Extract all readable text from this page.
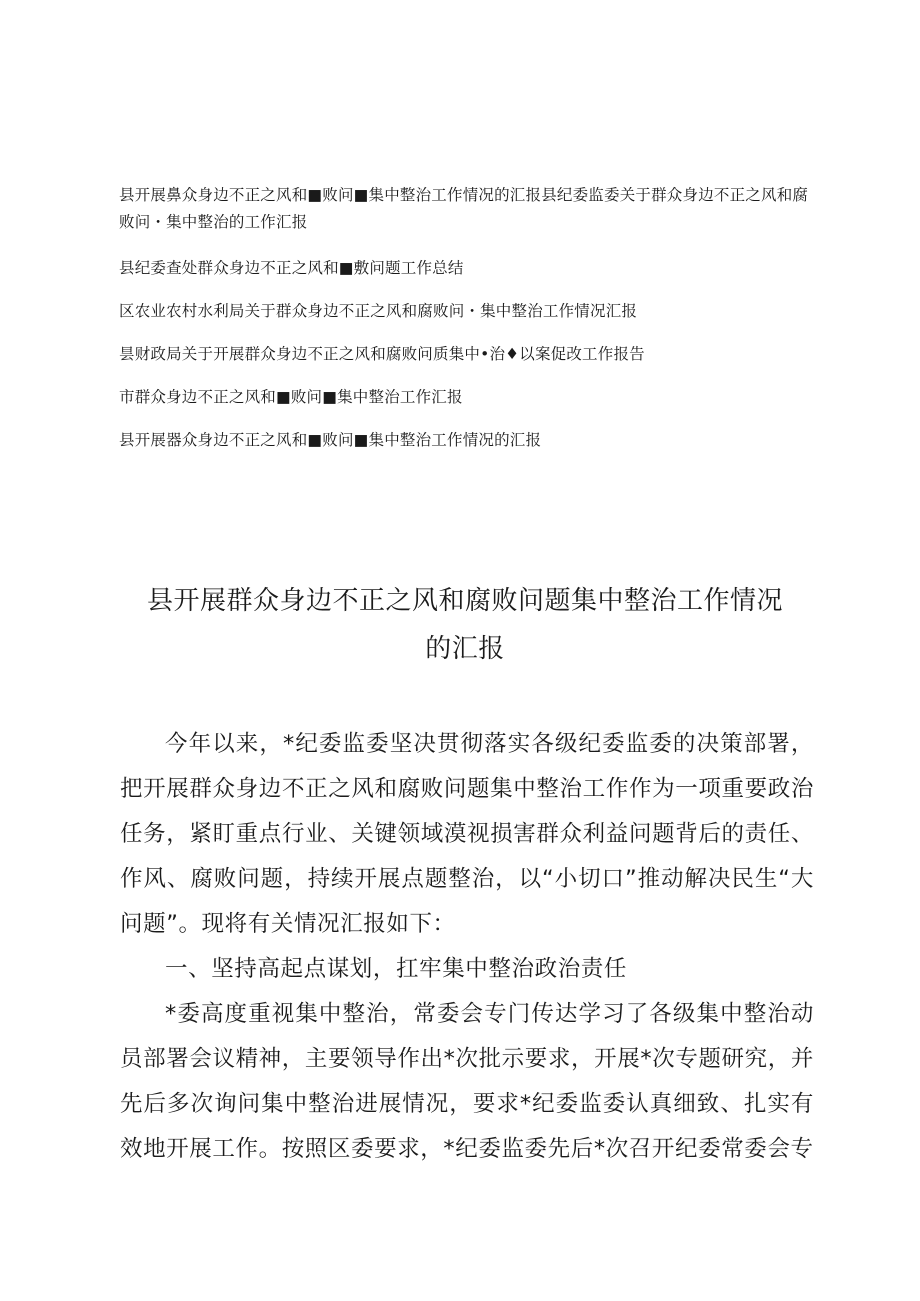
县开展鼻众身边不正之风和■败问■集中整治工作情况的汇报县纪委监委关于群众身边不正之风和腐败问・集中整治的工作汇报

县纪委查处群众身边不正之风和■敷问题工作总结

区农业农村水利局关于群众身边不正之风和腐败问・集中整治工作情况汇报

昙财政局关于开展群众身边不正之风和腐败问质集中•治♦以案促改工作报告

市群众身边不正之风和■败问■集中整治工作汇报

县开展器众身边不正之风和■败问■集中整治工作情况的汇报

县开展群众身边不正之风和腐败问题集中整治工作情况
的汇报

今年以来，*纪委监委坚决贯彻落实各级纪委监委的决策部署，把开展群众身边不正之风和腐败问题集中整治工作作为一项重要政治任务，紧盯重点行业、关键领域漠视损害群众利益问题背后的责任、作风、腐败问题，持续开展点题整治，以“小切口”推动解决民生“大问题”。现将有关情况汇报如下：

一、坚持高起点谋划，扛牢集中整治政治责任

*委高度重视集中整治，常委会专门传达学习了各级集中整治动员部署会议精神，主要领导作出*次批示要求，开展*次专题研究，并先后多次询问集中整治进展情况，要求*纪委监委认真细致、扎实有效地开展工作。按照区委要求，*纪委监委先后*次召开纪委常委会专
